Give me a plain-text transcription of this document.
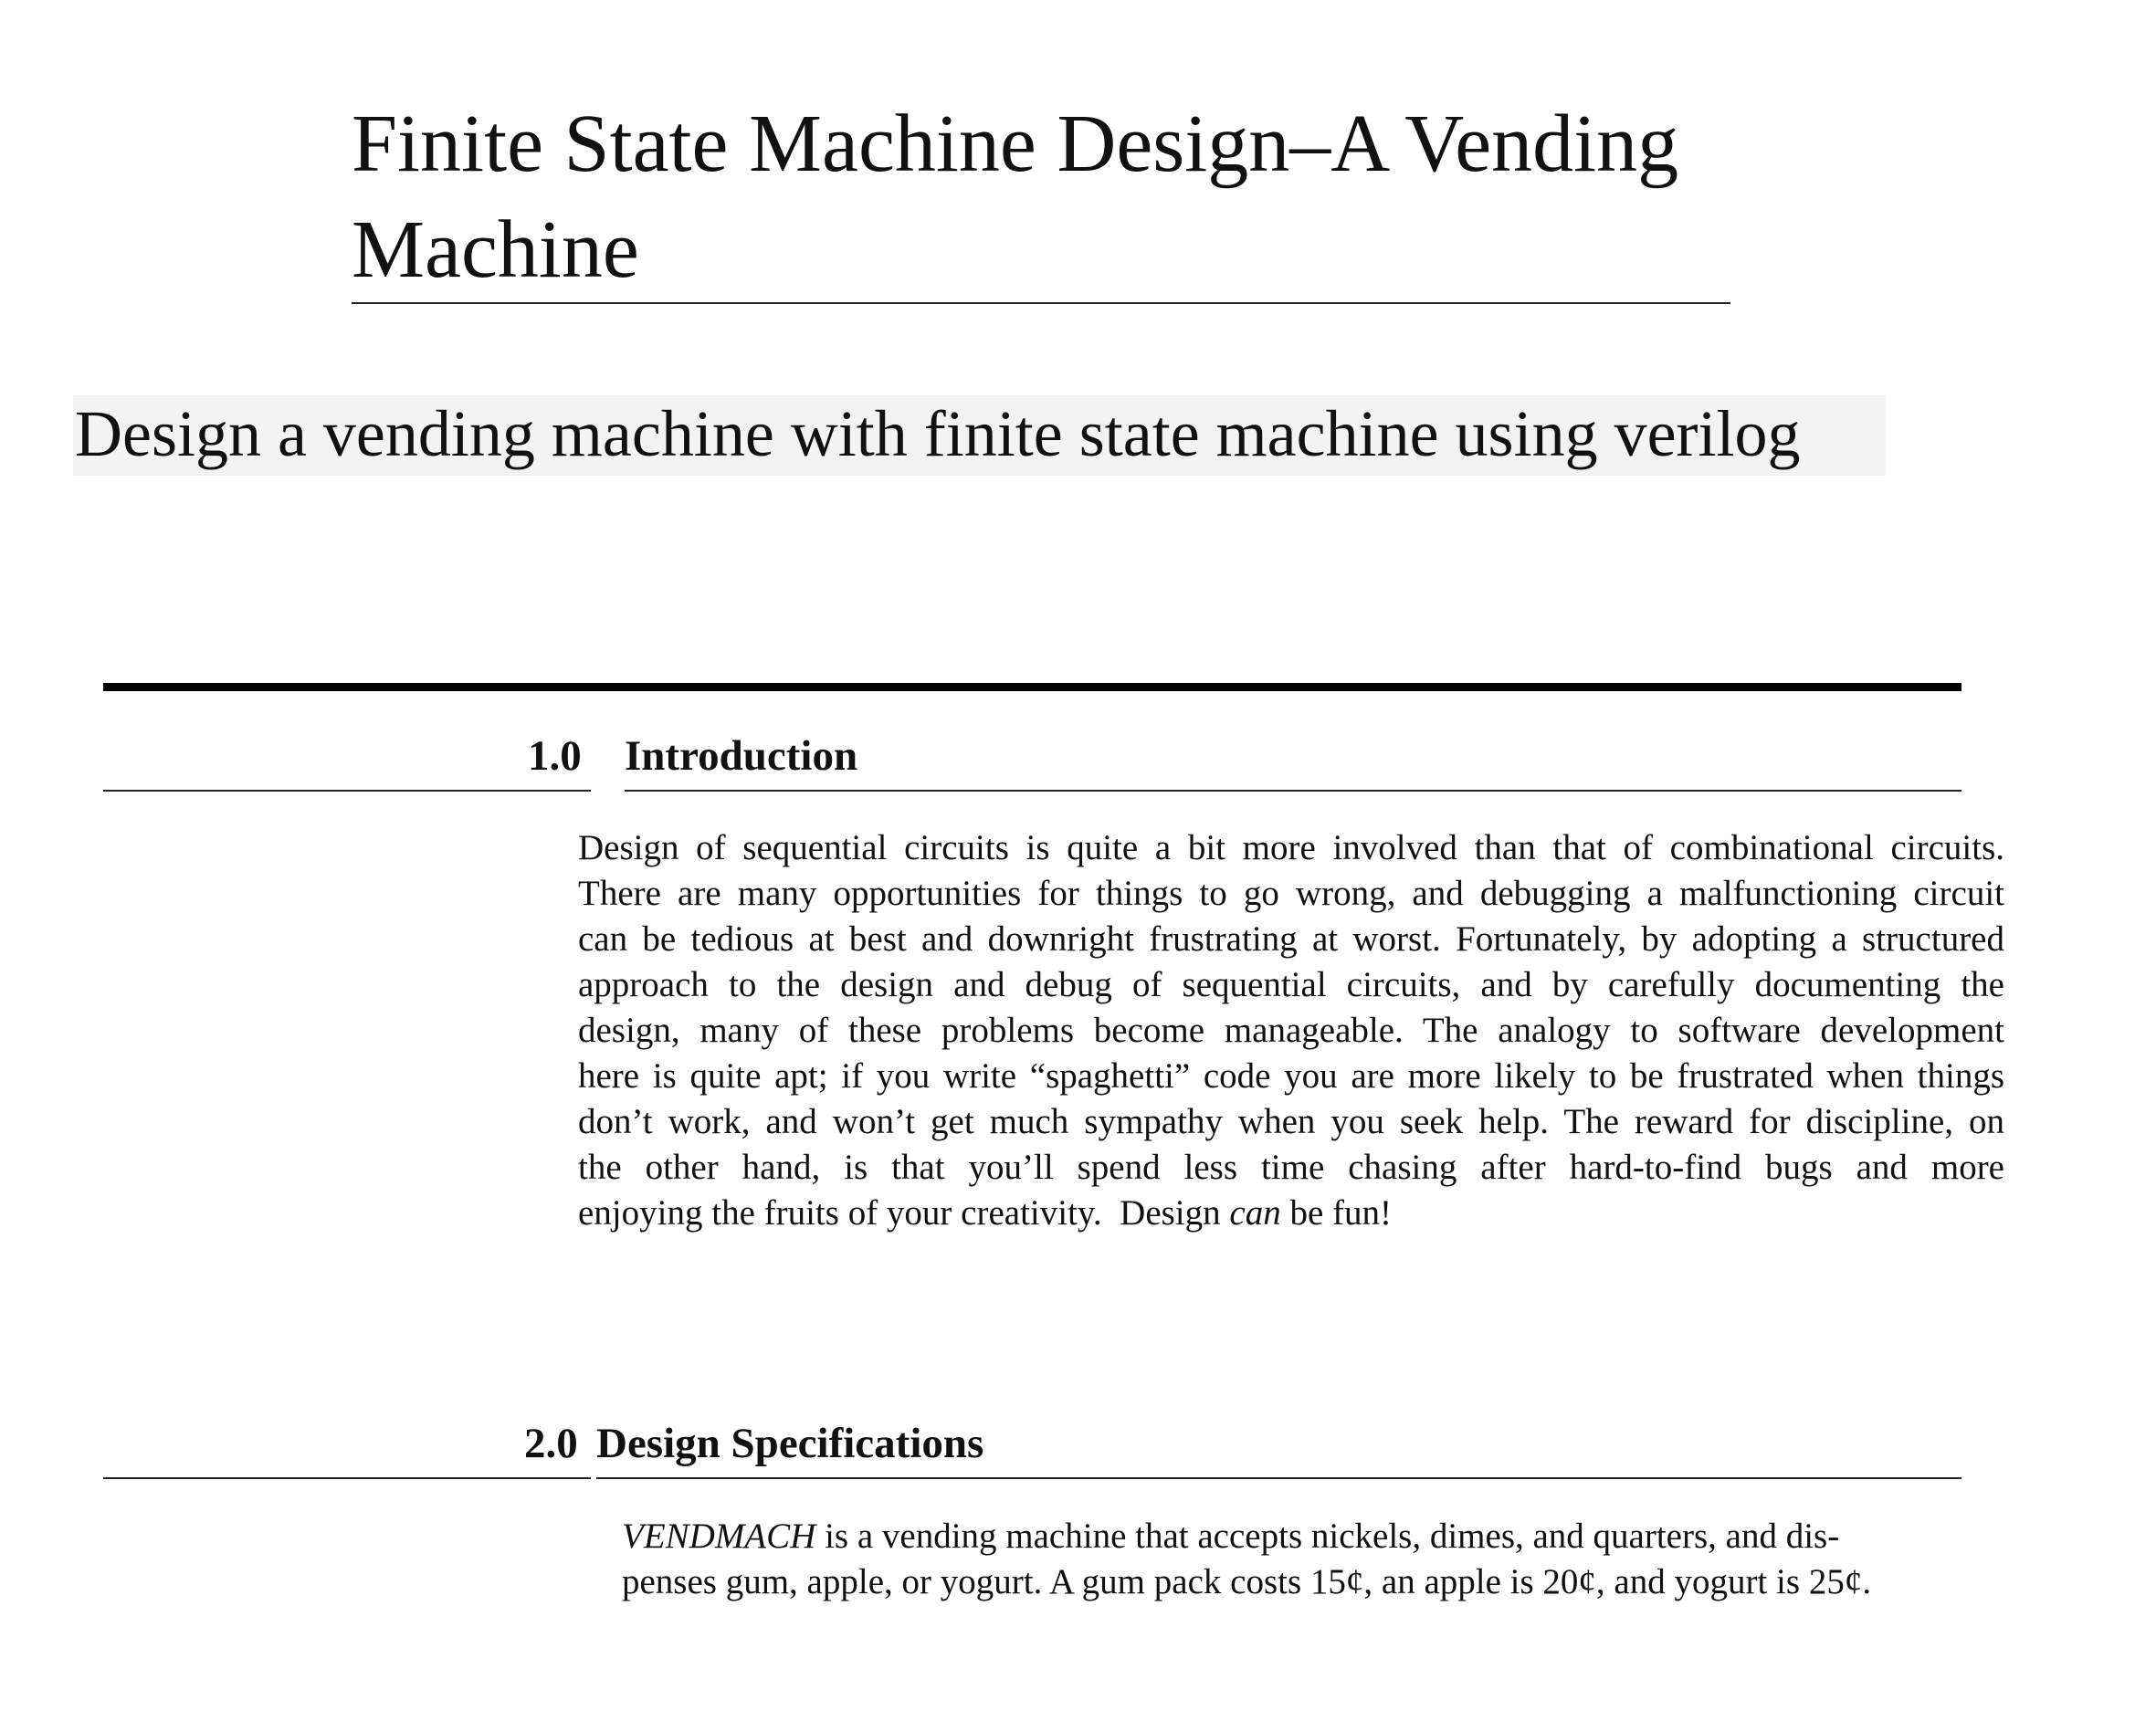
Finite State Machine Design–A Vending
Machine
Design a vending machine with finite state machine using verilog
1.0 Introduction
Design of sequential circuits is quite a bit more involved than that of combinational circuits.
There are many opportunities for things to go wrong, and debugging a malfunctioning circuit
can be tedious at best and downright frustrating at worst. Fortunately, by adopting a structured
approach to the design and debug of sequential circuits, and by carefully documenting the
design, many of these problems become manageable. The analogy to software development
here is quite apt; if you write “spaghetti” code you are more likely to be frustrated when things
don’t work, and won’t get much sympathy when you seek help. The reward for discipline, on
the other hand, is that you’ll spend less time chasing after hard-to-find bugs and more
enjoying the fruits of your creativity.  Design can be fun!
2.0 Design Specifications
VENDMACH is a vending machine that accepts nickels, dimes, and quarters, and dis-
penses gum, apple, or yogurt. A gum pack costs 15¢, an apple is 20¢, and yogurt is 25¢.
